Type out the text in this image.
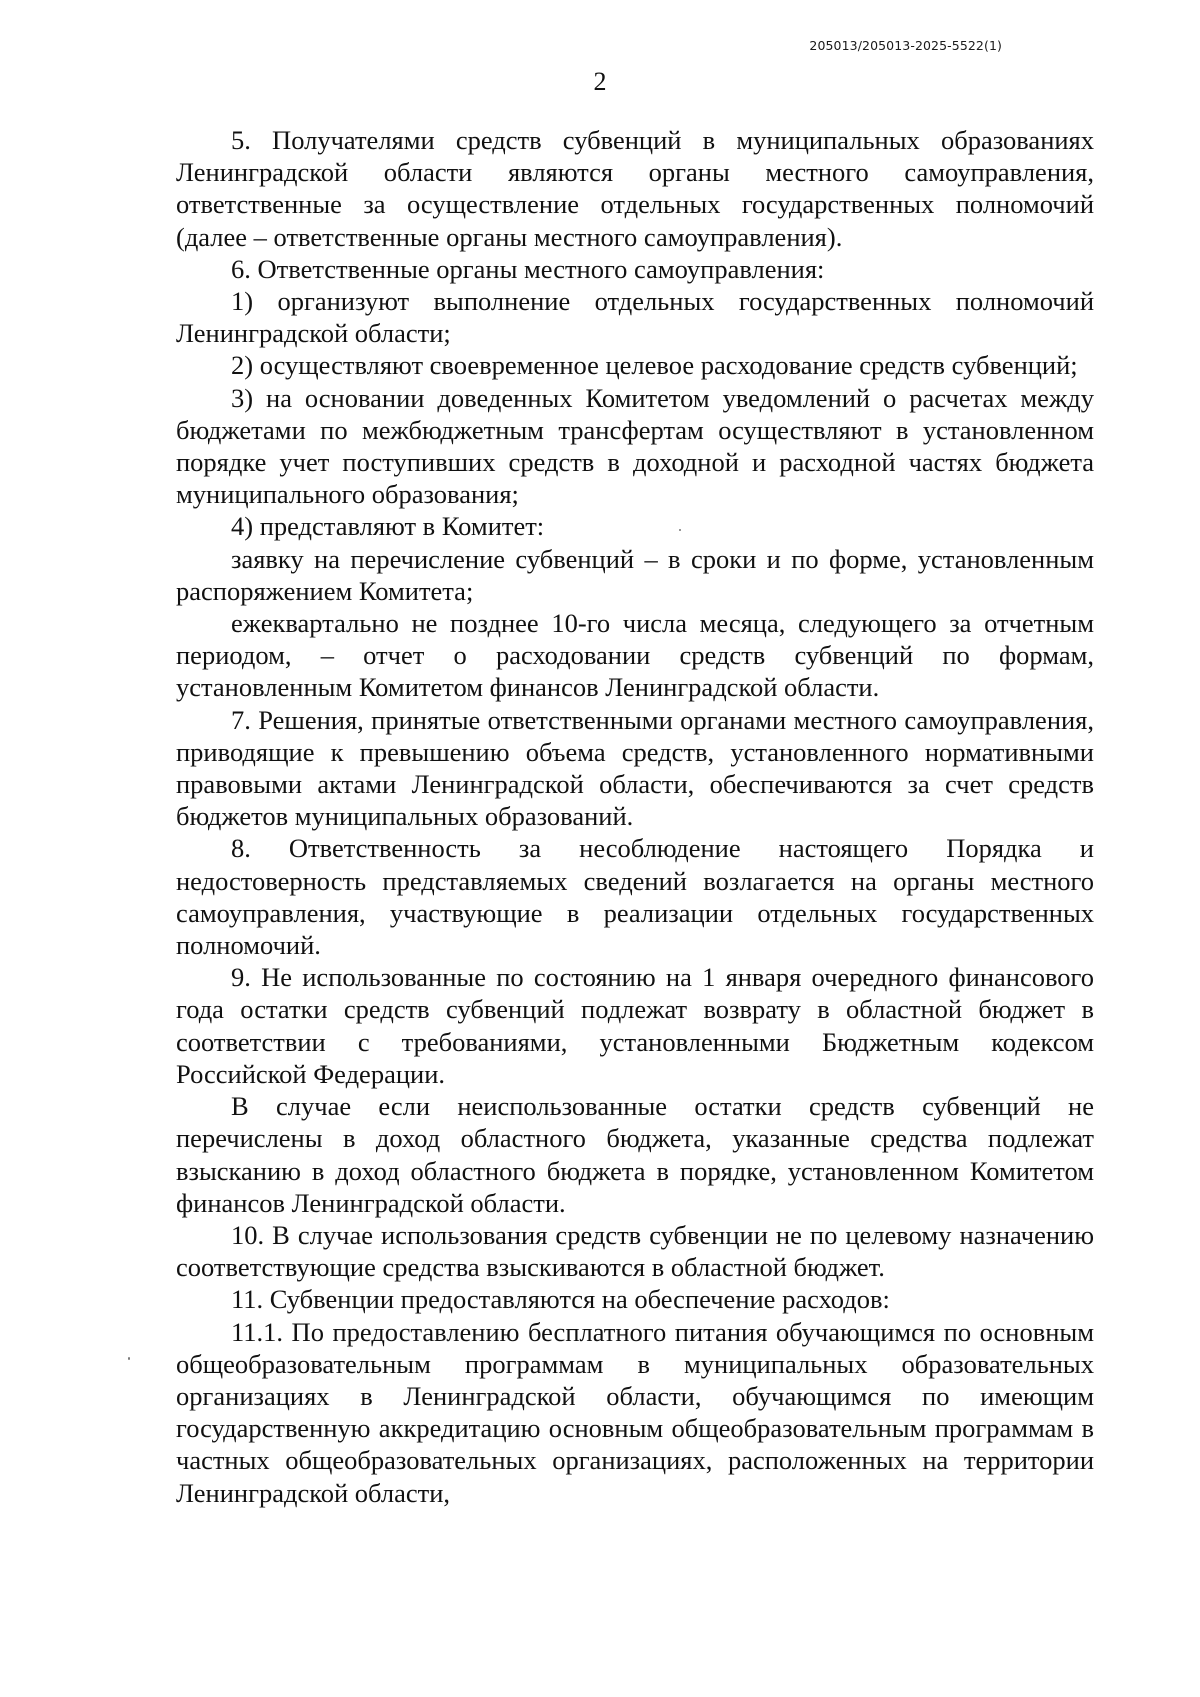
205013/205013-2025-5522(1)
2

5. Получателями средств субвенций в муниципальных образованиях Ленинградской области являются органы местного самоуправления, ответственные за осуществление отдельных государственных полномочий (далее – ответственные органы местного самоуправления).

6. Ответственные органы местного самоуправления:

1) организуют выполнение отдельных государственных полномочий Ленинградской области;

2) осуществляют своевременное целевое расходование средств субвенций;

3) на основании доведенных Комитетом уведомлений о расчетах между бюджетами по межбюджетным трансфертам осуществляют в установленном порядке учет поступивших средств в доходной и расходной частях бюджета муниципального образования;

4) представляют в Комитет:

заявку на перечисление субвенций – в сроки и по форме, установленным распоряжением Комитета;

ежеквартально не позднее 10-го числа месяца, следующего за отчетным периодом, – отчет о расходовании средств субвенций по формам, установленным Комитетом финансов Ленинградской области.

7. Решения, принятые ответственными органами местного самоуправления, приводящие к превышению объема средств, установленного нормативными правовыми актами Ленинградской области, обеспечиваются за счет средств бюджетов муниципальных образований.

8. Ответственность за несоблюдение настоящего Порядка и недостоверность представляемых сведений возлагается на органы местного самоуправления, участвующие в реализации отдельных государственных полномочий.

9. Не использованные по состоянию на 1 января очередного финансового года остатки средств субвенций подлежат возврату в областной бюджет в соответствии с требованиями, установленными Бюджетным кодексом Российской Федерации.

В случае если неиспользованные остатки средств субвенций не перечислены в доход областного бюджета, указанные средства подлежат взысканию в доход областного бюджета в порядке, установленном Комитетом финансов Ленинградской области.

10. В случае использования средств субвенции не по целевому назначению соответствующие средства взыскиваются в областной бюджет.

11. Субвенции предоставляются на обеспечение расходов:

11.1. По предоставлению бесплатного питания обучающимся по основным общеобразовательным программам в муниципальных образовательных организациях в Ленинградской области, обучающимся по имеющим государственную аккредитацию основным общеобразовательным программам в частных общеобразовательных организациях, расположенных на территории Ленинградской области,
